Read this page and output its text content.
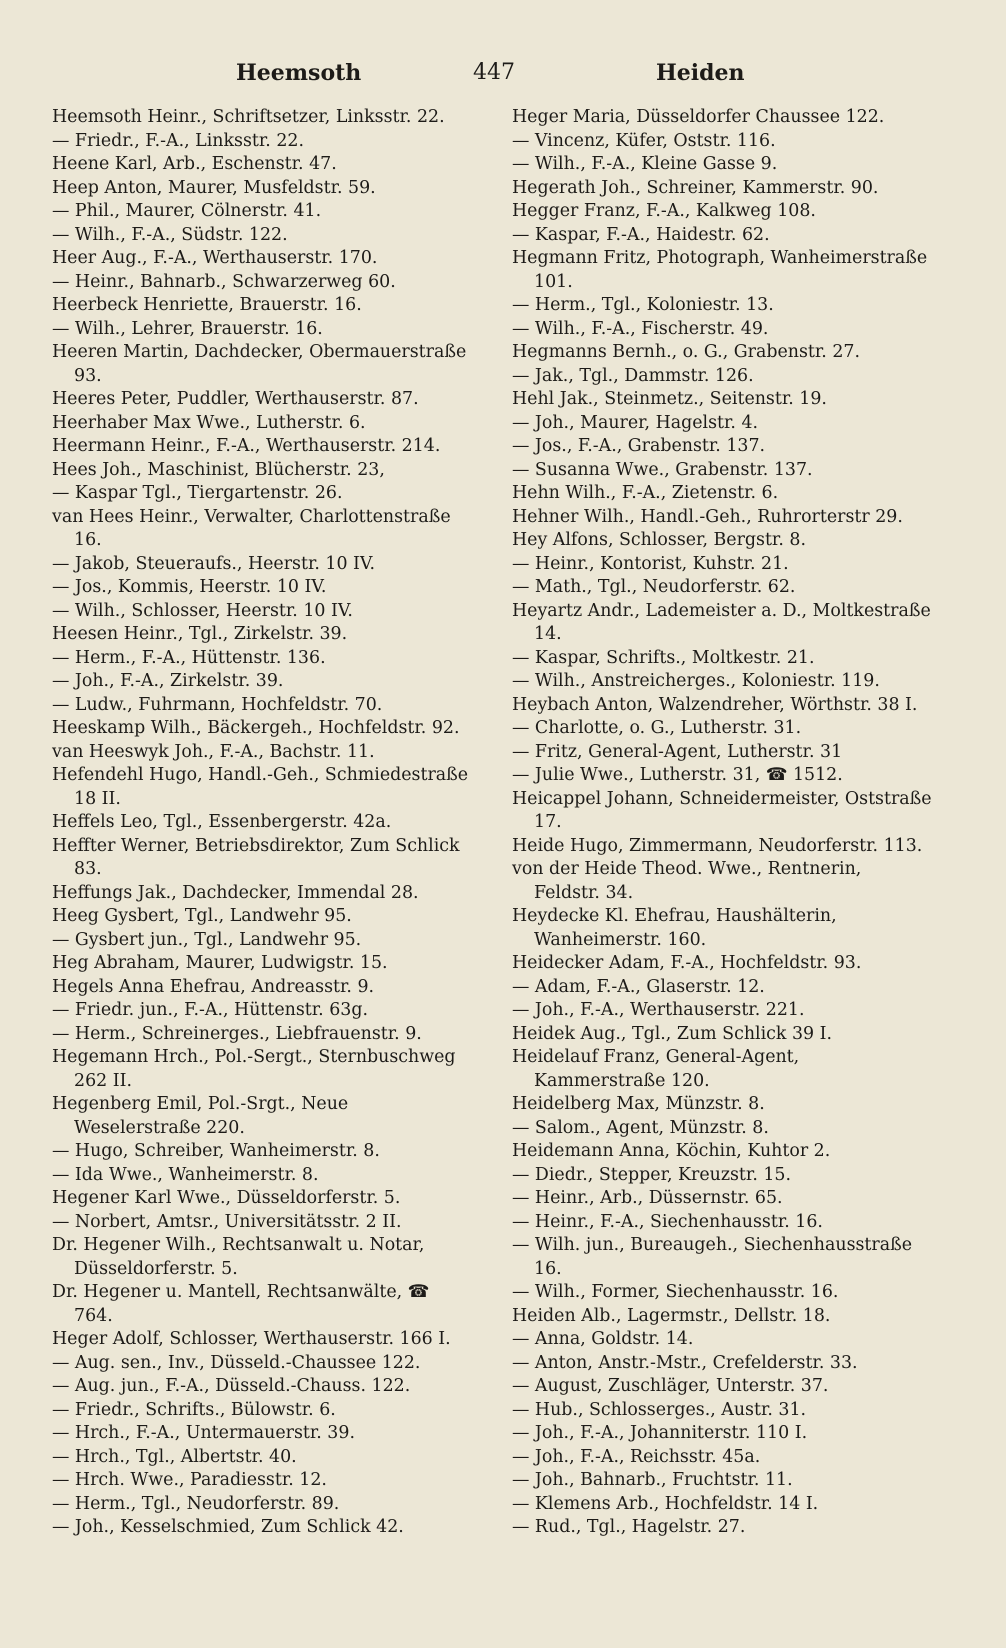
Heemsoth	447	Heiden

Heemsoth Heinr., Schriftsetzer, Linksstr. 22.

— Friedr., F.-A., Linksstr. 22.

Heene Karl, Arb., Eschenstr. 47.

Heep Anton, Maurer, Musfeldstr. 59.

— Phil., Maurer, Cölnerstr. 41.

— Wilh., F.-A., Südstr. 122.

Heer Aug., F.-A., Werthauserstr. 170.

— Heinr., Bahnarb., Schwarzerweg 60.

Heerbeck Henriette, Brauerstr. 16.

— Wilh., Lehrer, Brauerstr. 16.

Heeren Martin, Dachdecker, Obermauerstraße 93.

Heeres Peter, Puddler, Werthauserstr. 87.

Heerhaber Max Wwe., Lutherstr. 6.

Heermann Heinr., F.-A., Werthauserstr. 214.

Hees Joh., Maschinist, Blücherstr. 23,

— Kaspar Tgl., Tiergartenstr. 26.

van Hees Heinr., Verwalter, Charlottenstraße 16.

— Jakob, Steueraufs., Heerstr. 10 IV.

— Jos., Kommis, Heerstr. 10 IV.

— Wilh., Schlosser, Heerstr. 10 IV.

Heesen Heinr., Tgl., Zirkelstr. 39.

— Herm., F.-A., Hüttenstr. 136.

— Joh., F.-A., Zirkelstr. 39.

— Ludw., Fuhrmann, Hochfeldstr. 70.

Heeskamp Wilh., Bäckergeh., Hochfeldstr. 92.

van Heeswyk Joh., F.-A., Bachstr. 11.

Hefendehl Hugo, Handl.-Geh., Schmiedestraße 18 II.

Heffels Leo, Tgl., Essenbergerstr. 42a.

Heffter Werner, Betriebsdirektor, Zum Schlick 83.

Heffungs Jak., Dachdecker, Immendal 28.

Heeg Gysbert, Tgl., Landwehr 95.

— Gysbert jun., Tgl., Landwehr 95.

Heg Abraham, Maurer, Ludwigstr. 15.

Hegels Anna Ehefrau, Andreasstr. 9.

— Friedr. jun., F.-A., Hüttenstr. 63g.

— Herm., Schreinerges., Liebfrauenstr. 9.

Hegemann Hrch., Pol.-Sergt., Sternbuschweg 262 II.

Hegenberg Emil, Pol.-Srgt., Neue Weselerstraße 220.

— Hugo, Schreiber, Wanheimerstr. 8.

— Ida Wwe., Wanheimerstr. 8.

Hegener Karl Wwe., Düsseldorferstr. 5.

— Norbert, Amtsr., Universitätsstr. 2 II.

Dr. Hegener Wilh., Rechtsanwalt u. Notar, Düsseldorferstr. 5.

Dr. Hegener u. Mantell, Rechtsanwälte, ☎ 764.

Heger Adolf, Schlosser, Werthauserstr. 166 I.

— Aug. sen., Inv., Düsseld.-Chaussee 122.

— Aug. jun., F.-A., Düsseld.-Chauss. 122.

— Friedr., Schrifts., Bülowstr. 6.

— Hrch., F.-A., Untermauerstr. 39.

— Hrch., Tgl., Albertstr. 40.

— Hrch. Wwe., Paradiesstr. 12.

— Herm., Tgl., Neudorferstr. 89.

— Joh., Kesselschmied, Zum Schlick 42.

Heger Maria, Düsseldorfer Chaussee 122.

— Vincenz, Küfer, Oststr. 116.

— Wilh., F.-A., Kleine Gasse 9.

Hegerath Joh., Schreiner, Kammerstr. 90.

Hegger Franz, F.-A., Kalkweg 108.

— Kaspar, F.-A., Haidestr. 62.

Hegmann Fritz, Photograph, Wanheimerstraße 101.

— Herm., Tgl., Koloniestr. 13.

— Wilh., F.-A., Fischerstr. 49.

Hegmanns Bernh., o. G., Grabenstr. 27.

— Jak., Tgl., Dammstr. 126.

Hehl Jak., Steinmetz., Seitenstr. 19.

— Joh., Maurer, Hagelstr. 4.

— Jos., F.-A., Grabenstr. 137.

— Susanna Wwe., Grabenstr. 137.

Hehn Wilh., F.-A., Zietenstr. 6.

Hehner Wilh., Handl.-Geh., Ruhrorterstr 29.

Hey Alfons, Schlosser, Bergstr. 8.

— Heinr., Kontorist, Kuhstr. 21.

— Math., Tgl., Neudorferstr. 62.

Heyartz Andr., Lademeister a. D., Moltkestraße 14.

— Kaspar, Schrifts., Moltkestr. 21.

— Wilh., Anstreicherges., Koloniestr. 119.

Heybach Anton, Walzendreher, Wörthstr. 38 I.

— Charlotte, o. G., Lutherstr. 31.

— Fritz, General-Agent, Lutherstr. 31

— Julie Wwe., Lutherstr. 31, ☎ 1512.

Heicappel Johann, Schneidermeister, Oststraße 17.

Heide Hugo, Zimmermann, Neudorferstr. 113.

von der Heide Theod. Wwe., Rentnerin, Feldstr. 34.

Heydecke Kl. Ehefrau, Haushälterin, Wanheimerstr. 160.

Heidecker Adam, F.-A., Hochfeldstr. 93.

— Adam, F.-A., Glaserstr. 12.

— Joh., F.-A., Werthauserstr. 221.

Heidek Aug., Tgl., Zum Schlick 39 I.

Heidelauf Franz, General-Agent, Kammerstraße 120.

Heidelberg Max, Münzstr. 8.

— Salom., Agent, Münzstr. 8.

Heidemann Anna, Köchin, Kuhtor 2.

— Diedr., Stepper, Kreuzstr. 15.

— Heinr., Arb., Düssernstr. 65.

— Heinr., F.-A., Siechenhausstr. 16.

— Wilh. jun., Bureaugeh., Siechenhausstraße 16.

— Wilh., Former, Siechenhausstr. 16.

Heiden Alb., Lagermstr., Dellstr. 18.

— Anna, Goldstr. 14.

— Anton, Anstr.-Mstr., Crefelderstr. 33.

— August, Zuschläger, Unterstr. 37.

— Hub., Schlosserges., Austr. 31.

— Joh., F.-A., Johanniterstr. 110 I.

— Joh., F.-A., Reichsstr. 45a.

— Joh., Bahnarb., Fruchtstr. 11.

— Klemens Arb., Hochfeldstr. 14 I.

— Rud., Tgl., Hagelstr. 27.
